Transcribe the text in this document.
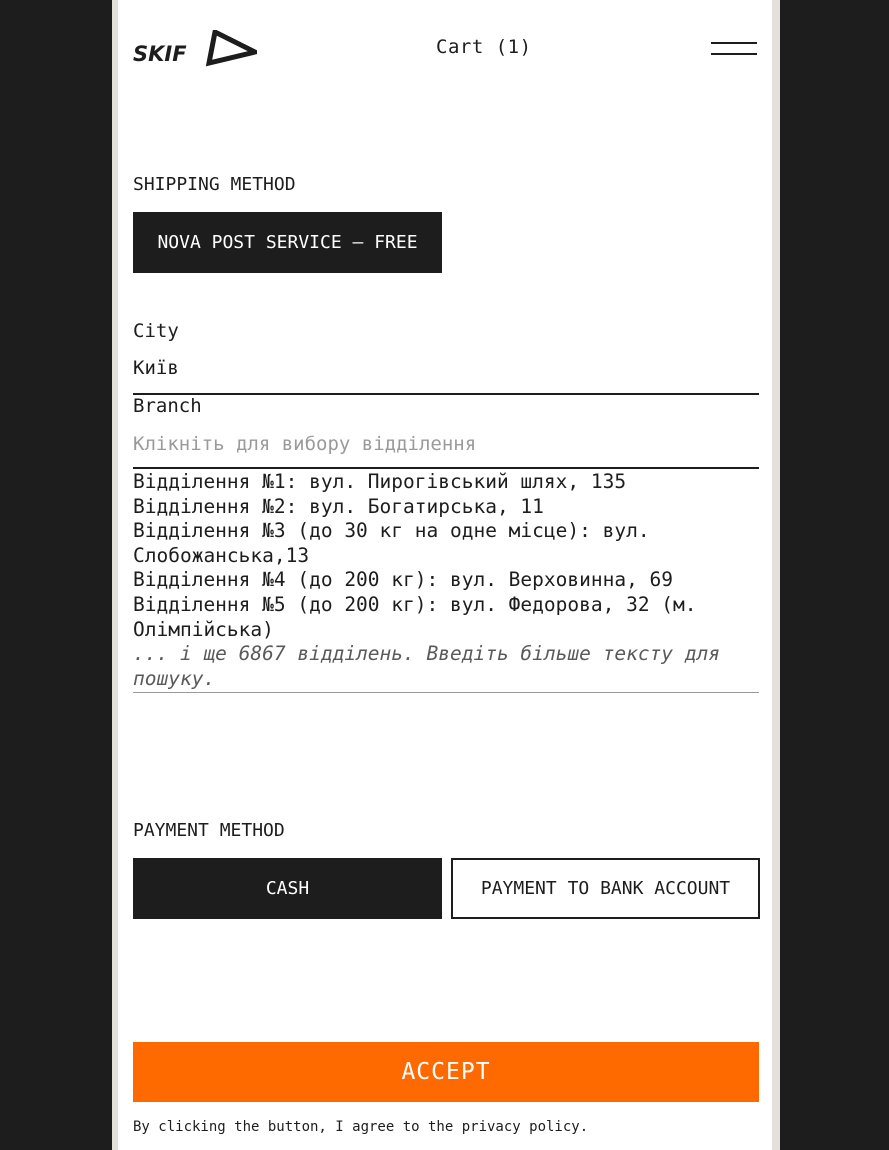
SKIF	Cart (1)
SHIPPING METHOD
NOVA POST SERVICE — FREE
City
Київ
Branch
Клікніть для вибору відділення
Відділення №1: вул. Пирогівський шлях, 135
Відділення №2: вул. Богатирська, 11
Відділення №3 (до 30 кг на одне місце): вул. Слобожанська,13
Відділення №4 (до 200 кг): вул. Верховинна, 69
Відділення №5 (до 200 кг): вул. Федорова, 32 (м. Олімпійська)
... і ще 6867 відділень. Введіть більше тексту для пошуку.
PAYMENT METHOD
CASH	PAYMENT TO BANK ACCOUNT
ACCEPT
By clicking the button, I agree to the privacy policy.
